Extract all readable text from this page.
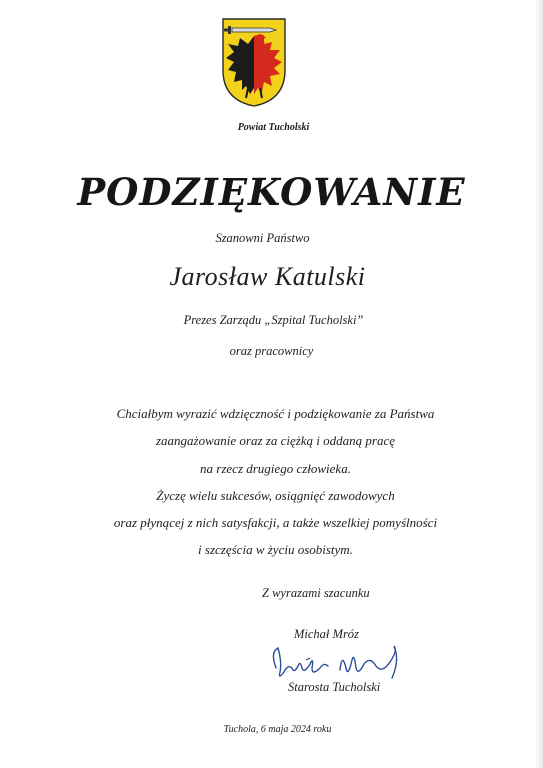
Powiat Tucholski
PODZIĘKOWANIE
Szanowni Państwo
Jarosław Katulski
Prezes Zarządu „Szpital Tucholski”
oraz pracownicy
Chciałbym wyrazić wdzięczność i podziękowanie za Państwa
zaangażowanie oraz za ciężką i oddaną pracę
na rzecz drugiego człowieka.
Życzę wielu sukcesów, osiągnięć zawodowych
oraz płynącej z nich satysfakcji, a także wszelkiej pomyślności
i szczęścia w życiu osobistym.
Z wyrazami szacunku
Michał Mróz
Starosta Tucholski
Tuchola, 6 maja 2024 roku
